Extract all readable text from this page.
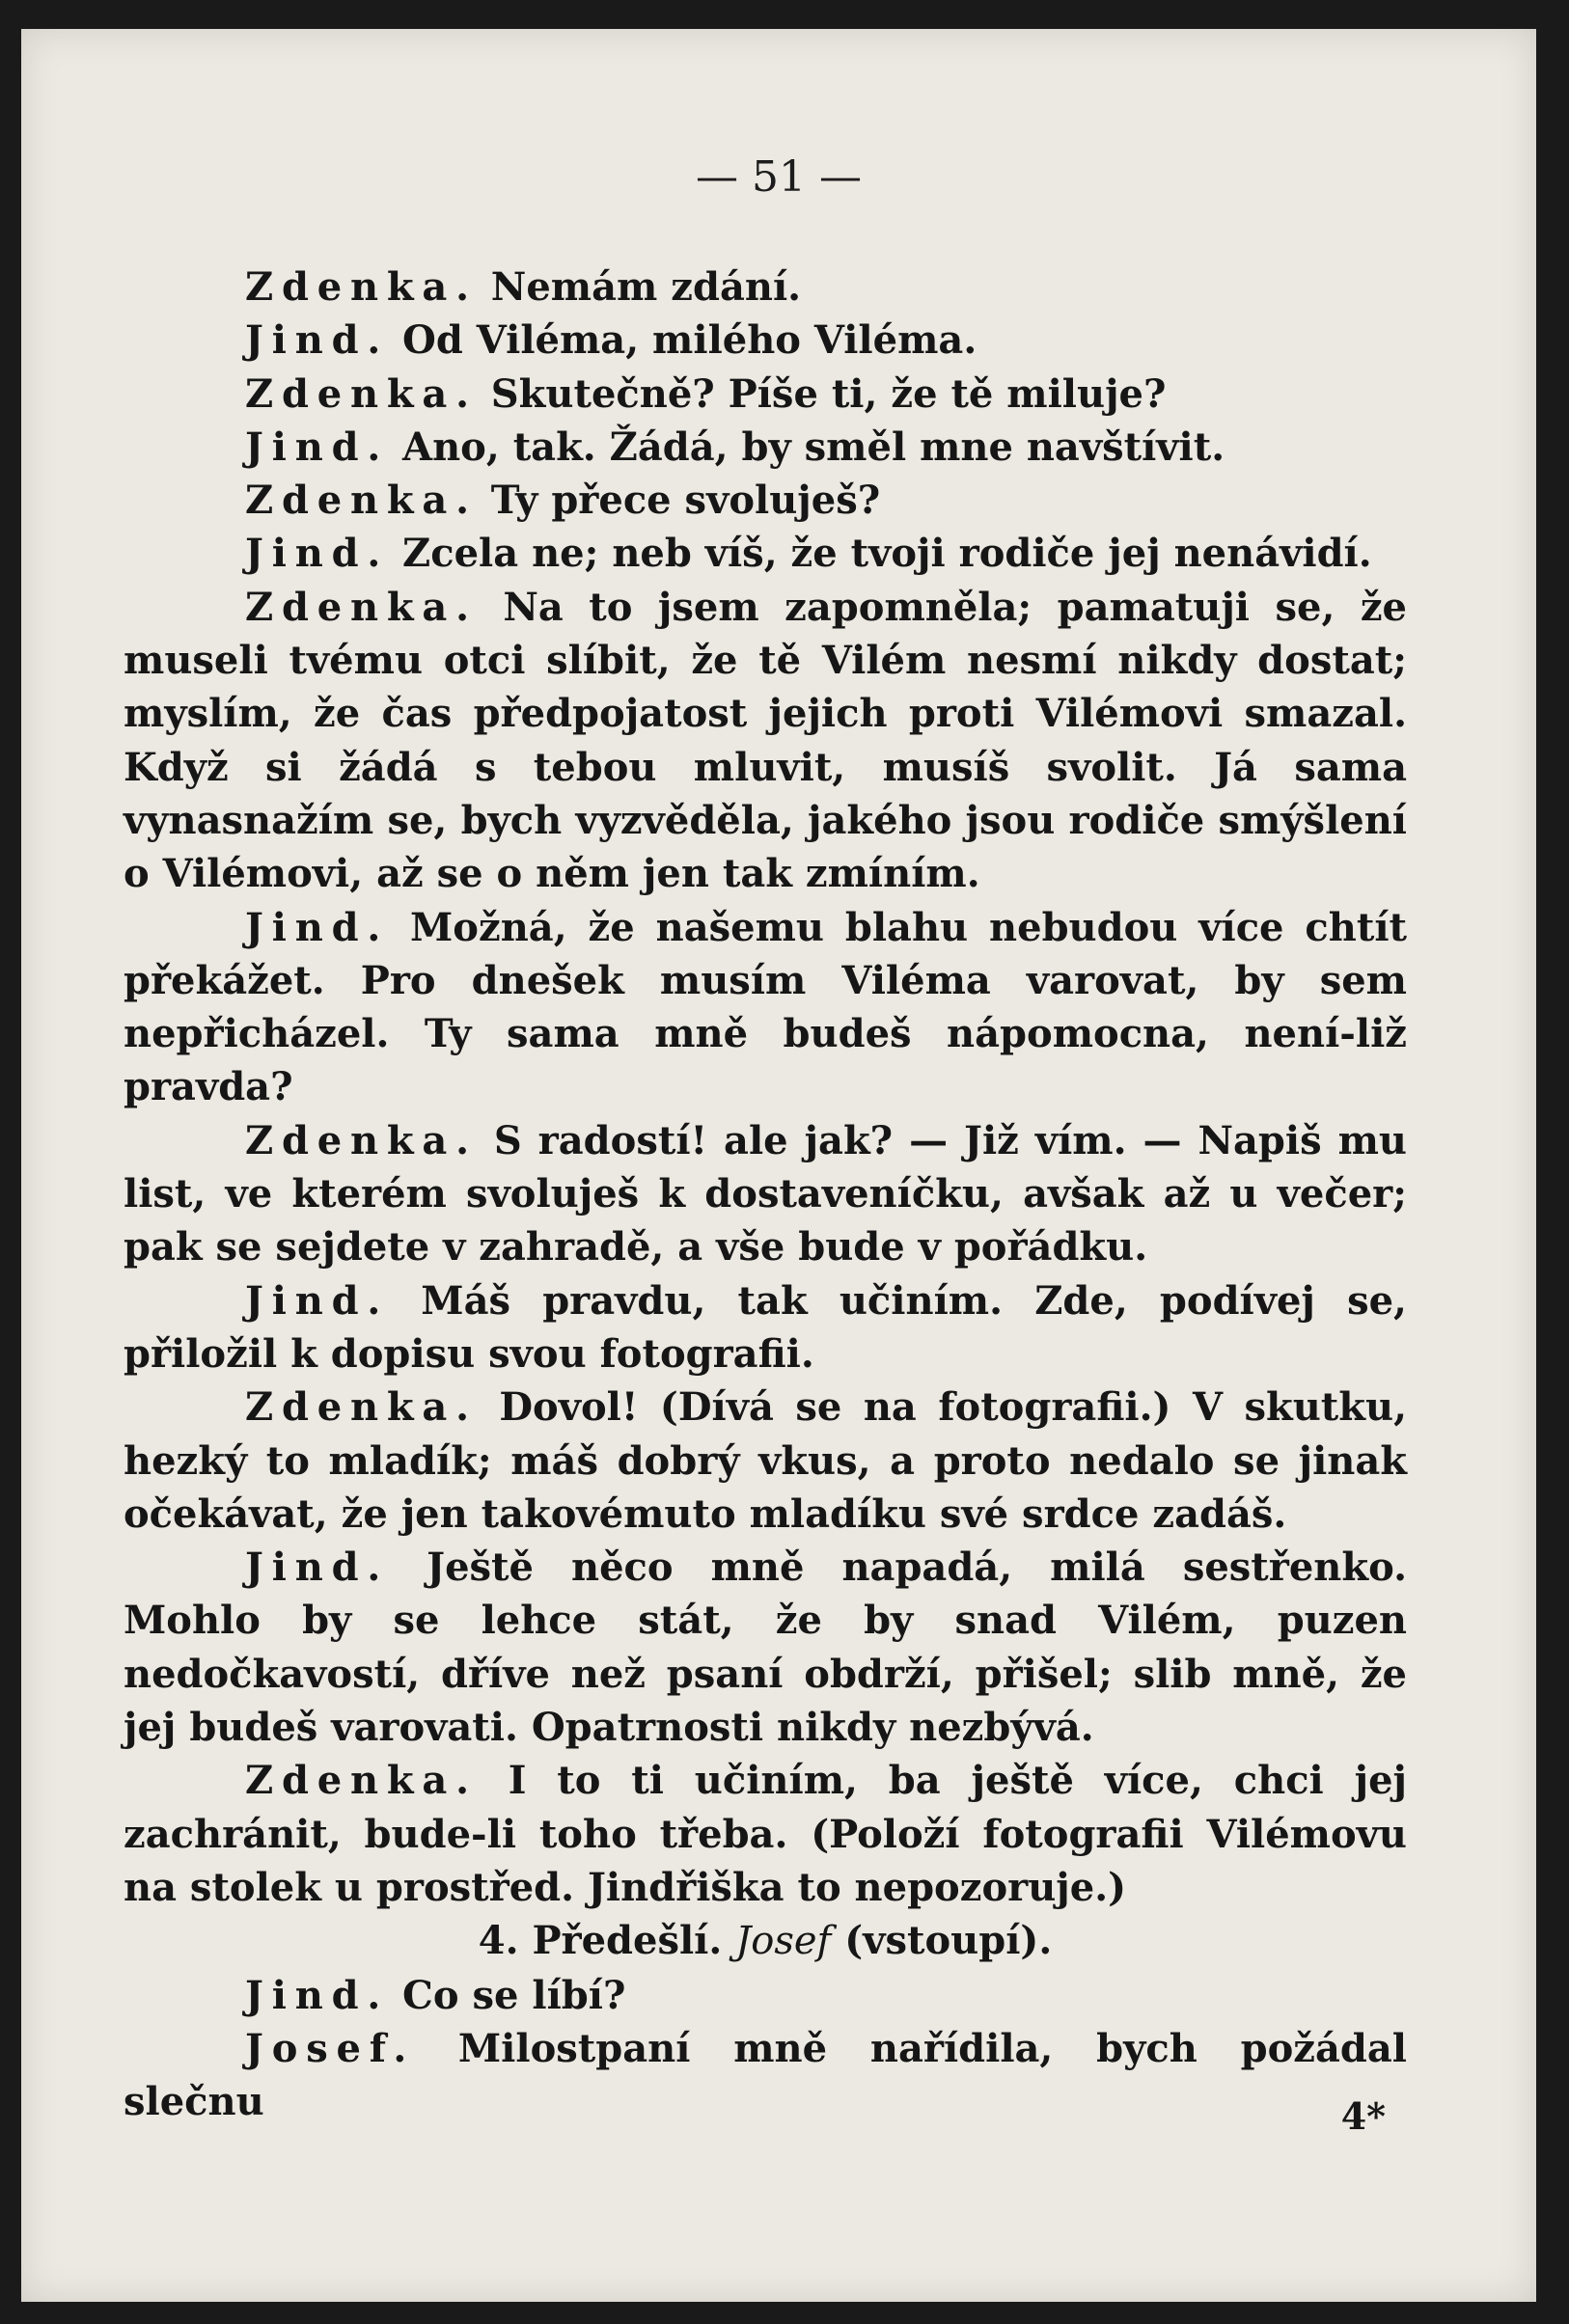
— 51 —

Zdenka. Nemám zdání.

Jind. Od Viléma, milého Viléma.

Zdenka. Skutečně? Píše ti, že tě miluje?

Jind. Ano, tak. Žádá, by směl mne navštívit.

Zdenka. Ty přece svoluješ?

Jind. Zcela ne; neb víš, že tvoji rodiče jej nenávidí.

Zdenka. Na to jsem zapomněla; pamatuji se, že museli tvému otci slíbit, že tě Vilém nesmí nikdy dostat; myslím, že čas předpojatost jejich proti Vilémovi smazal. Když si žádá s tebou mluvit, musíš svolit. Já sama vynasnažím se, bych vyzvěděla, jakého jsou rodiče smýšlení o Vilémovi, až se o něm jen tak zmíním.

Jind. Možná, že našemu blahu nebudou více chtít překážet. Pro dnešek musím Viléma varovat, by sem nepřicházel. Ty sama mně budeš nápomocna, není-liž pravda?

Zdenka. S radostí! ale jak? — Již vím. — Napiš mu list, ve kterém svoluješ k dostaveníčku, avšak až u večer; pak se sejdete v zahradě, a vše bude v pořádku.

Jind. Máš pravdu, tak učiním. Zde, podívej se, přiložil k dopisu svou fotografii.

Zdenka. Dovol! (Dívá se na fotografii.) V skutku, hezký to mladík; máš dobrý vkus, a proto nedalo se jinak očekávat, že jen takovémuto mladíku své srdce zadáš.

Jind. Ještě něco mně napadá, milá sestřenko. Mohlo by se lehce stát, že by snad Vilém, puzen nedočkavostí, dříve než psaní obdrží, přišel; slib mně, že jej budeš varovati. Opatrnosti nikdy nezbývá.

Zdenka. I to ti učiním, ba ještě více, chci jej zachránit, bude-li toho třeba. (Položí fotografii Vilémovu na stolek u prostřed. Jindřiška to nepozoruje.)

4. Předešlí. Josef (vstoupí).

Jind. Co se líbí?

Josef. Milostpaní mně nařídila, bych požádal slečnu	4*
